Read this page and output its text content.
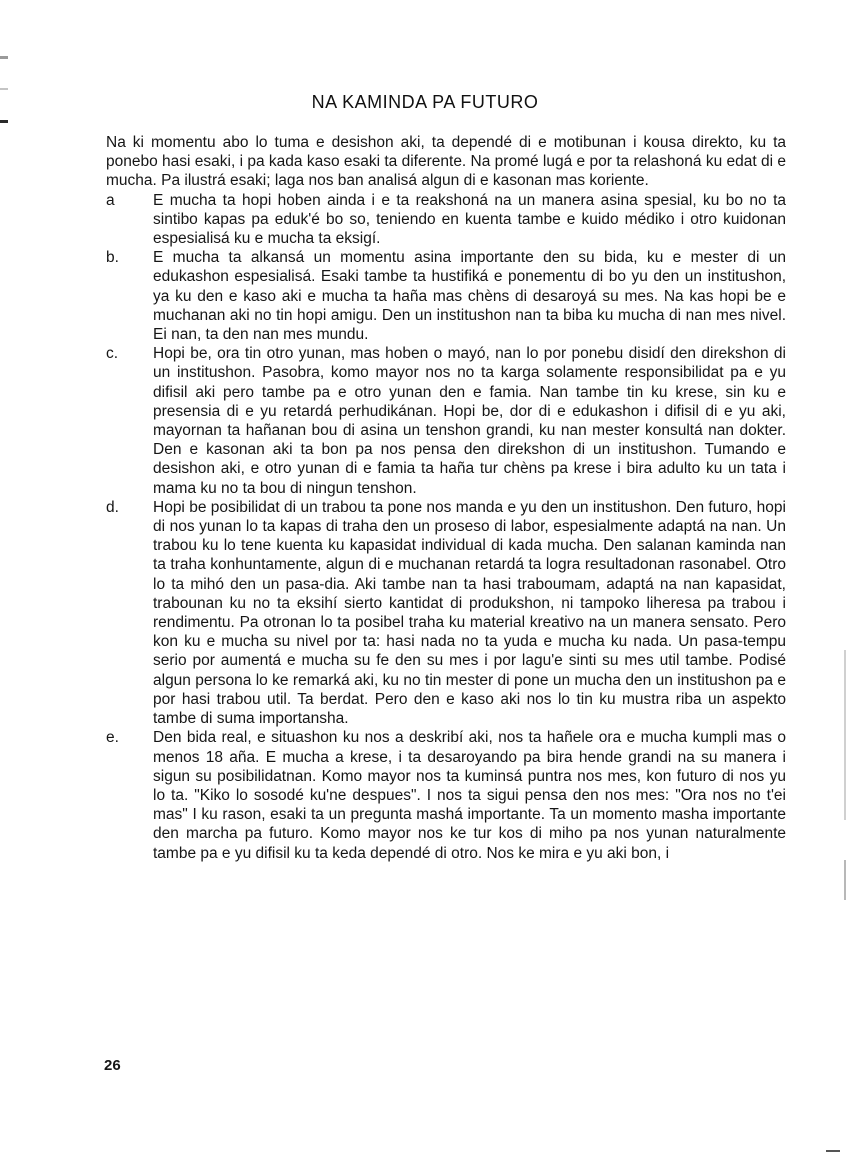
NA KAMINDA PA FUTURO

Na ki momentu abo lo tuma e desishon aki, ta dependé di e motibunan i kousa direkto, ku ta ponebo hasi esaki, i pa kada kaso esaki ta diferente. Na promé lugá e por ta relashoná ku edat di e mucha. Pa ilustrá esaki; laga nos ban analisá algun di e kasonan mas koriente.

a	E mucha ta hopi hoben ainda i e ta reakshoná na un manera asina spesial, ku bo no ta sintibo kapas pa eduk'é bo so, teniendo en kuenta tambe e kuido médiko i otro kuidonan espesialisá ku e mucha ta eksigí.
b.	E mucha ta alkansá un momentu asina importante den su bida, ku e mester di un edukashon espesialisá. Esaki tambe ta hustifiká e ponementu di bo yu den un institushon, ya ku den e kaso aki e mucha ta haña mas chèns di desaroyá su mes. Na kas hopi be e muchanan aki no tin hopi amigu. Den un institushon nan ta biba ku mucha di nan mes nivel. Ei nan, ta den nan mes mundu.
c.	Hopi be, ora tin otro yunan, mas hoben o mayó, nan lo por ponebu disidí den direkshon di un institushon. Pasobra, komo mayor nos no ta karga solamente responsibilidat pa e yu difisil aki pero tambe pa e otro yunan den e famia. Nan tambe tin ku krese, sin ku e presensia di e yu retardá perhudikánan. Hopi be, dor di e edukashon i difisil di e yu aki, mayornan ta hañanan bou di asina un tenshon grandi, ku nan mester konsultá nan dokter. Den e kasonan aki ta bon pa nos pensa den direkshon di un institushon. Tumando e desishon aki, e otro yunan di e famia ta haña tur chèns pa krese i bira adulto ku un tata i mama ku no ta bou di ningun tenshon.
d.	Hopi be posibilidat di un trabou ta pone nos manda e yu den un institushon. Den futuro, hopi di nos yunan lo ta kapas di traha den un proseso di labor, espesialmente adaptá na nan. Un trabou ku lo tene kuenta ku kapasidat individual di kada mucha. Den salanan kaminda nan ta traha konhuntamente, algun di e muchanan retardá ta logra resultadonan rasonabel. Otro lo ta mihó den un pasa-dia. Aki tambe nan ta hasi traboumam, adaptá na nan kapasidat, trabounan ku no ta eksihí sierto kantidat di produkshon, ni tampoko liheresa pa trabou i rendimentu. Pa otronan lo ta posibel traha ku material kreativo na un manera sensato. Pero kon ku e mucha su nivel por ta: hasi nada no ta yuda e mucha ku nada. Un pasa-tempu serio por aumentá e mucha su fe den su mes i por lagu'e sinti su mes util tambe. Podisé algun persona lo ke remarká aki, ku no tin mester di pone un mucha den un institushon pa e por hasi trabou util. Ta berdat. Pero den e kaso aki nos lo tin ku mustra riba un aspekto tambe di suma importansha.
e.	Den bida real, e situashon ku nos a deskribí aki, nos ta hañele ora e mucha kumpli mas o menos 18 aña. E mucha a krese, i ta desaroyando pa bira hende grandi na su manera i sigun su posibilidatnan. Komo mayor nos ta kuminsá puntra nos mes, kon futuro di nos yu lo ta. "Kiko lo sosodé ku'ne despues". I nos ta sigui pensa den nos mes: "Ora nos no t'ei mas" I ku rason, esaki ta un pregunta mashá importante. Ta un momento masha importante den marcha pa futuro. Komo mayor nos ke tur kos di miho pa nos yunan naturalmente tambe pa e yu difisil ku ta keda dependé di otro. Nos ke mira e yu aki bon, i

26
